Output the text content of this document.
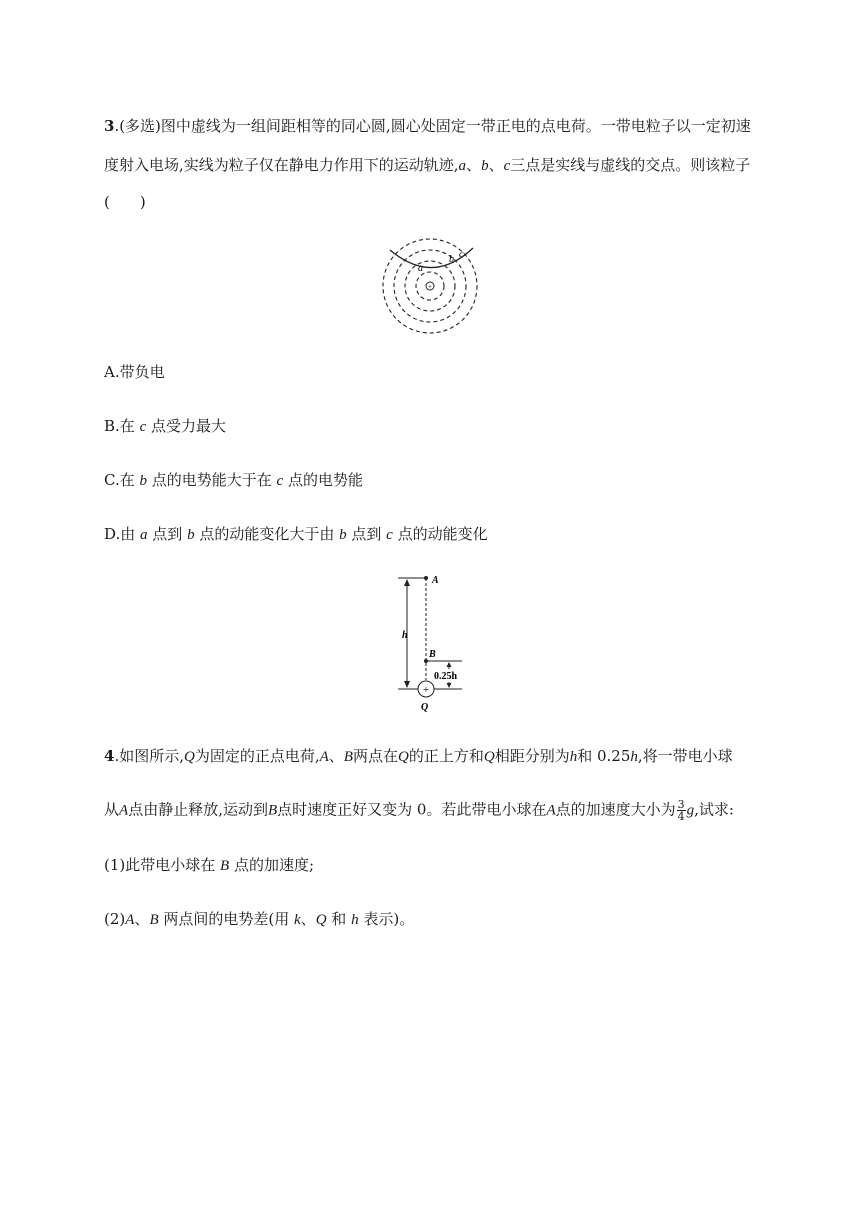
3.(多选)图中虚线为一组间距相等的同心圆,圆心处固定一带正电的点电荷。一带电粒子以一定初速
度射入电场,实线为粒子仅在静电力作用下的运动轨迹,a、b、c三点是实线与虚线的交点。则该粒子
(　　)
+
a
b c
A.带负电
B.在 c 点受力最大
C.在 b 点的电势能大于在 c 点的电势能
D.由 a 点到 b 点的动能变化大于由 b 点到 c 点的动能变化
+
A
B
h
0.25h
Q
4.如图所示,Q为固定的正点电荷,A、B两点在Q的正上方和Q相距分别为h和 0.25h,将一带电小球
从A点由静止释放,运动到B点时速度正好又变为 0。若此带电小球在A点的加速度大小为 $\frac{3}{4} g$,试求:
(1)此带电小球在 B 点的加速度;
(2)A、B 两点间的电势差(用 k、Q 和 h 表示)。
